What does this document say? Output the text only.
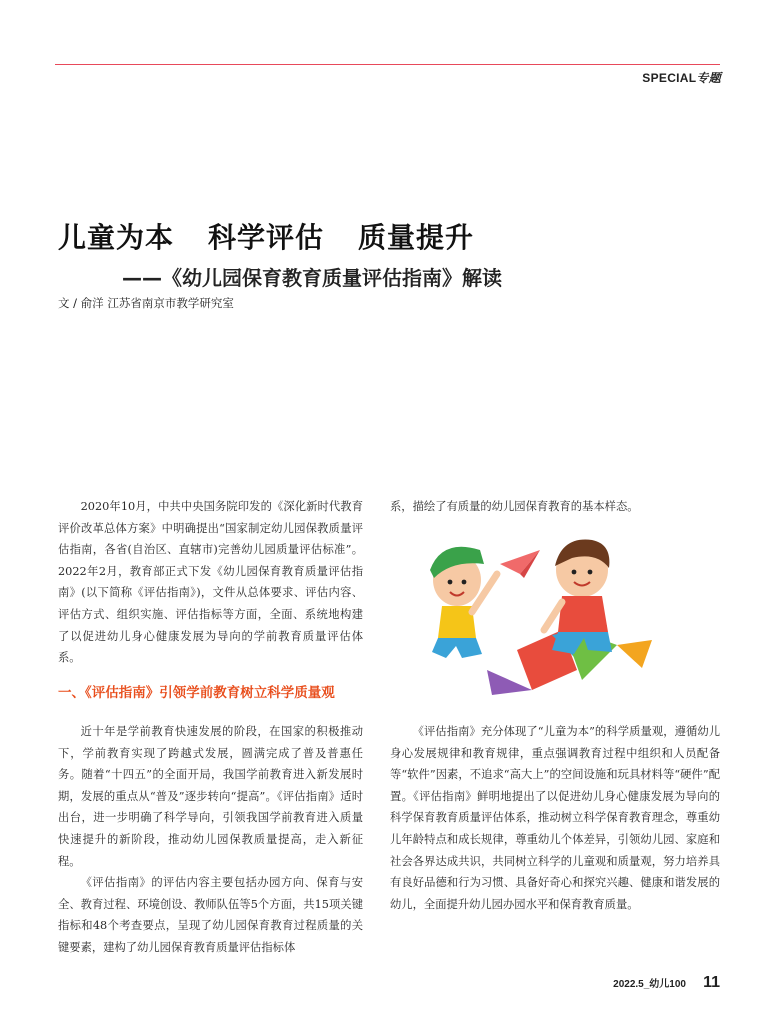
SPECIAL专题
儿童为本 科学评估 质量提升
——《幼儿园保育教育质量评估指南》解读
文 / 俞洋 江苏省南京市教学研究室

2020年10月，中共中央国务院印发的《深化新时代教育评价改革总体方案》中明确提出“国家制定幼儿园保教质量评估指南，各省(自治区、直辖市)完善幼儿园质量评估标准”。2022年2月，教育部正式下发《幼儿园保育教育质量评估指南》(以下简称《评估指南》)，文件从总体要求、评估内容、评估方式、组织实施、评估指标等方面，全面、系统地构建了以促进幼儿身心健康发展为导向的学前教育质量评估体系。

一、《评估指南》引领学前教育树立科学质量观

近十年是学前教育快速发展的阶段，在国家的积极推动下，学前教育实现了跨越式发展，圆满完成了普及普惠任务。随着“十四五”的全面开局，我国学前教育进入新发展时期，发展的重点从“普及”逐步转向“提高”。《评估指南》适时出台，进一步明确了科学导向，引领我国学前教育进入质量快速提升的新阶段，推动幼儿园保教质量提高，走入新征程。

《评估指南》的评估内容主要包括办园方向、保育与安全、教育过程、环境创设、教师队伍等5个方面，共15项关键指标和48个考查要点，呈现了幼儿园保育教育过程质量的关键要素，建构了幼儿园保育教育质量评估指标体

系，描绘了有质量的幼儿园保育教育的基本样态。

《评估指南》充分体现了“儿童为本”的科学质量观，遵循幼儿身心发展规律和教育规律，重点强调教育过程中组织和人员配备等“软件”因素，不追求“高大上”的空间设施和玩具材料等“硬件”配置。《评估指南》鲜明地提出了以促进幼儿身心健康发展为导向的科学保育教育质量评估体系，推动树立科学保育教育理念，尊重幼儿年龄特点和成长规律，尊重幼儿个体差异，引领幼儿园、家庭和社会各界达成共识，共同树立科学的儿童观和质量观，努力培养具有良好品德和行为习惯、具备好奇心和探究兴趣、健康和谐发展的幼儿，全面提升幼儿园办园水平和保育教育质量。

2022.5_幼儿100 11
